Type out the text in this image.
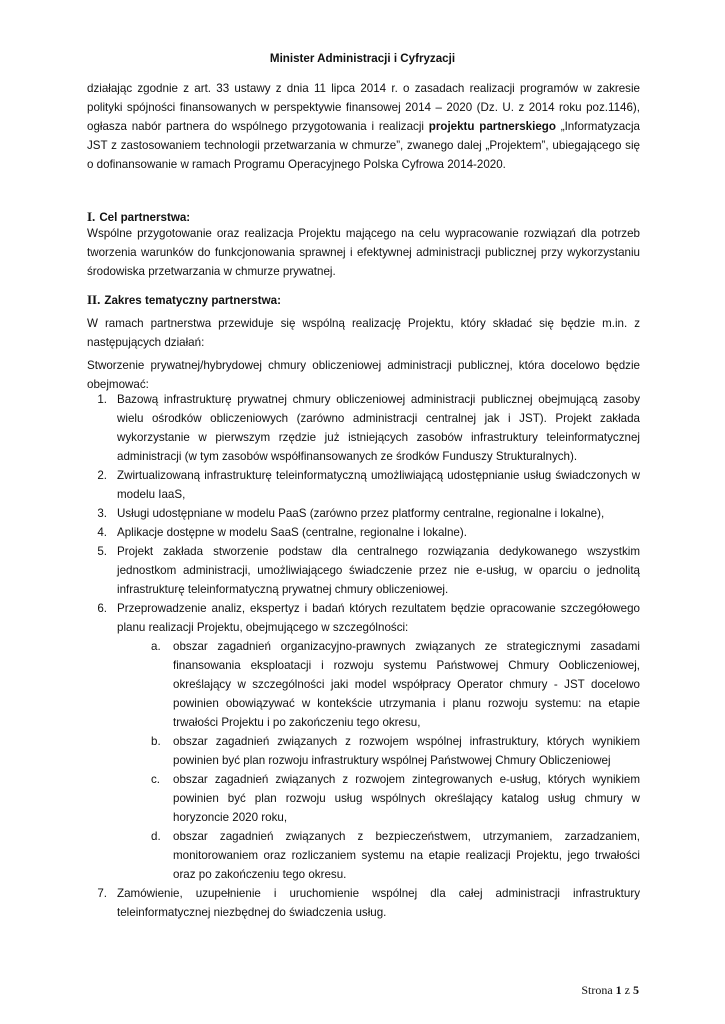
Minister Administracji i Cyfryzacji
działając zgodnie z art. 33 ustawy z dnia 11 lipca 2014 r. o zasadach realizacji programów w zakresie polityki spójności finansowanych w perspektywie finansowej 2014 – 2020 (Dz. U. z 2014 roku poz.1146), ogłasza nabór partnera do wspólnego przygotowania i realizacji projektu partnerskiego „Informatyzacja JST z zastosowaniem technologii przetwarzania w chmurze”, zwanego dalej „Projektem”, ubiegającego się o dofinansowanie w ramach Programu Operacyjnego Polska Cyfrowa 2014-2020.
I. Cel partnerstwa:
Wspólne przygotowanie oraz realizacja Projektu mającego na celu wypracowanie rozwiązań dla potrzeb tworzenia warunków do funkcjonowania sprawnej i efektywnej administracji publicznej przy wykorzystaniu środowiska przetwarzania w chmurze prywatnej.
II. Zakres tematyczny partnerstwa:
W ramach partnerstwa przewiduje się wspólną realizację Projektu, który składać się będzie m.in. z następujących działań:
Stworzenie prywatnej/hybrydowej chmury obliczeniowej administracji publicznej, która docelowo będzie obejmować:
1. Bazową infrastrukturę prywatnej chmury obliczeniowej administracji publicznej obejmującą zasoby wielu ośrodków obliczeniowych (zarówno administracji centralnej jak i JST). Projekt zakłada wykorzystanie w pierwszym rzędzie już istniejących zasobów infrastruktury teleinformatycznej administracji (w tym zasobów współfinansowanych ze środków Funduszy Strukturalnych).
2. Zwirtualizowaną infrastrukturę teleinformatyczną umożliwiającą udostępnianie usług świadczonych w modelu IaaS,
3. Usługi udostępniane w modelu PaaS (zarówno przez platformy centralne, regionalne i lokalne),
4. Aplikacje dostępne w modelu SaaS (centralne, regionalne i lokalne).
5. Projekt zakłada stworzenie podstaw dla centralnego rozwiązania dedykowanego wszystkim jednostkom administracji, umożliwiającego świadczenie przez nie e-usług, w oparciu o jednolitą infrastrukturę teleinformatyczną prywatnej chmury obliczeniowej.
6. Przeprowadzenie analiz, ekspertyz i badań których rezultatem będzie opracowanie szczegółowego planu realizacji Projektu, obejmującego w szczególności:
a. obszar zagadnień organizacyjno-prawnych związanych ze strategicznymi zasadami finansowania eksploatacji i rozwoju systemu Państwowej Chmury Oobliczeniowej, określający w szczególności jaki model współpracy Operator chmury - JST docelowo powinien obowiązywać w kontekście utrzymania i planu rozwoju systemu: na etapie trwałości Projektu i po zakończeniu tego okresu,
b. obszar zagadnień związanych z rozwojem wspólnej infrastruktury, których wynikiem powinien być plan rozwoju infrastruktury wspólnej Państwowej Chmury Obliczeniowej
c. obszar zagadnień związanych z rozwojem zintegrowanych e-usług, których wynikiem powinien być plan rozwoju usług wspólnych określający katalog usług chmury w horyzoncie 2020 roku,
d. obszar zagadnień związanych z bezpieczeństwem, utrzymaniem, zarzadzaniem, monitorowaniem oraz rozliczaniem systemu na etapie realizacji Projektu, jego trwałości oraz po zakończeniu tego okresu.
7. Zamówienie, uzupełnienie i uruchomienie wspólnej dla całej administracji infrastruktury teleinformatycznej niezbędnej do świadczenia usług.
Strona 1 z 5
